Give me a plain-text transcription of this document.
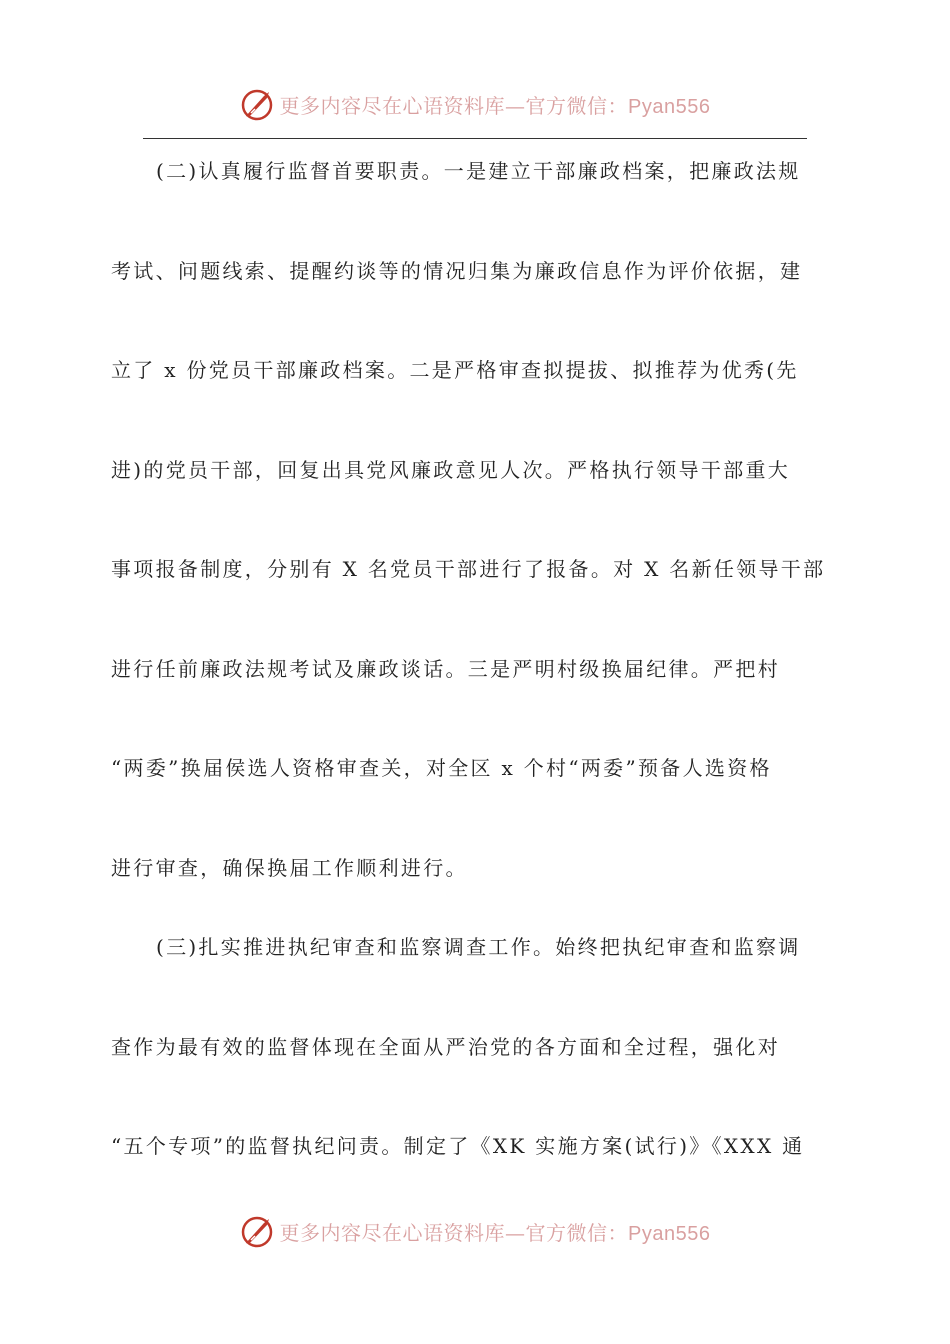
更多内容尽在心语资料库—官方微信：Pyan556
(二)认真履行监督首要职责。一是建立干部廉政档案，把廉政法规
考试、问题线索、提醒约谈等的情况归集为廉政信息作为评价依据，建
立了 x 份党员干部廉政档案。二是严格审查拟提拔、拟推荐为优秀(先
进)的党员干部，回复出具党风廉政意见人次。严格执行领导干部重大
事项报备制度，分别有 X 名党员干部进行了报备。对 X 名新任领导干部
进行任前廉政法规考试及廉政谈话。三是严明村级换届纪律。严把村
“两委”换届侯选人资格审查关，对全区 x 个村“两委”预备人选资格
进行审查，确保换届工作顺利进行。
(三)扎实推进执纪审查和监察调查工作。始终把执纪审查和监察调
查作为最有效的监督体现在全面从严治党的各方面和全过程，强化对
“五个专项”的监督执纪问责。制定了《XK 实施方案(试行)》《XXX 通
更多内容尽在心语资料库—官方微信：Pyan556
